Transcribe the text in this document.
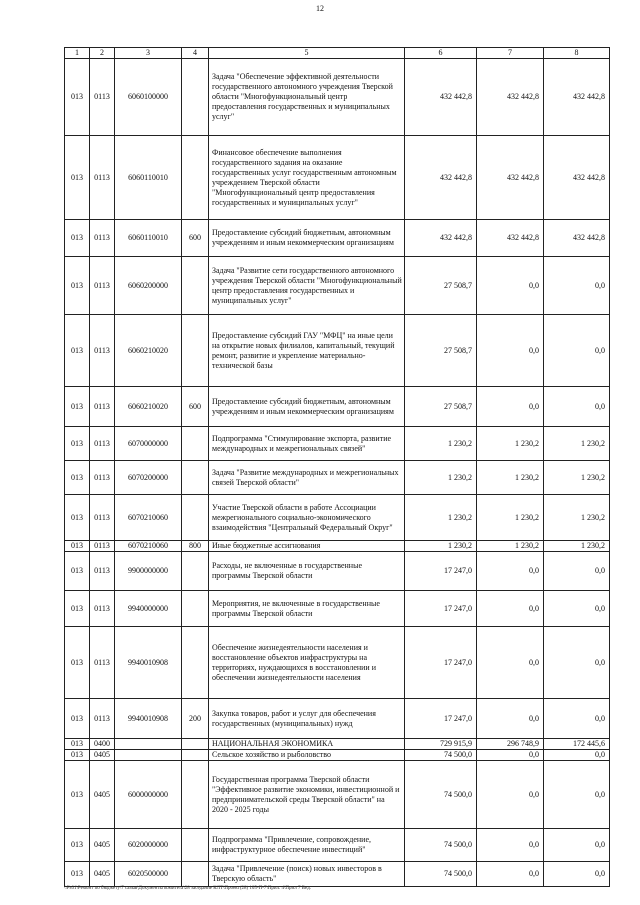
12
1	2	3	4	5	6	7	8
013	0113	6060100000		Задача "Обеспечение эффективной деятельности государственного автономного учреждения Тверской области "Многофункциональный центр предоставления государственных и муниципальных услуг"	432 442,8	432 442,8	432 442,8
013	0113	6060110010		Финансовое обеспечение выполнения государственного задания на оказание государственных услуг государственным автономным учреждением Тверской области "Многофункциональный центр предоставления государственных и муниципальных услуг"	432 442,8	432 442,8	432 442,8
013	0113	6060110010	600	Предоставление субсидий бюджетным, автономным учреждениям и иным некоммерческим организациям	432 442,8	432 442,8	432 442,8
013	0113	6060200000		Задача "Развитие сети государственного автономного учреждения Тверской области "Многофункциональный центр предоставления государственных и муниципальных услуг"	27 508,7	0,0	0,0
013	0113	6060210020		Предоставление субсидий ГАУ "МФЦ" на иные цели на открытие новых филиалов, капитальный, текущий ремонт, развитие и укрепление материально-технической базы	27 508,7	0,0	0,0
013	0113	6060210020	600	Предоставление субсидий бюджетным, автономным учреждениям и иным некоммерческим организациям	27 508,7	0,0	0,0
013	0113	6070000000		Подпрограмма "Стимулирование экспорта, развитие международных и межрегиональных связей"	1 230,2	1 230,2	1 230,2
013	0113	6070200000		Задача "Развитие международных и межрегиональных связей Тверской области"	1 230,2	1 230,2	1 230,2
013	0113	6070210060		Участие Тверской области в работе Ассоциации межрегионального социально-экономического взаимодействия "Центральный Федеральный Округ"	1 230,2	1 230,2	1 230,2
013	0113	6070210060	800	Иные бюджетные ассигнования	1 230,2	1 230,2	1 230,2
013	0113	9900000000		Расходы, не включенные в государственные программы Тверской области	17 247,0	0,0	0,0
013	0113	9940000000		Мероприятия, не включенные в государственные программы Тверской области	17 247,0	0,0	0,0
013	0113	9940010908		Обеспечение жизнедеятельности населения и восстановление объектов инфраструктуры на территориях, нуждающихся в восстановлении и обеспечении жизнедеятельности населения	17 247,0	0,0	0,0
013	0113	9940010908	200	Закупка товаров, работ и услуг для обеспечения государственных (муниципальных) нужд	17 247,0	0,0	0,0
013	0400			НАЦИОНАЛЬНАЯ ЭКОНОМИКА	729 915,9	296 748,9	172 445,6
013	0405			Сельское хозяйство и рыболовство	74 500,0	0,0	0,0
013	0405	6000000000		Государственная программа Тверской области "Эффективное развитие экономики, инвестиционной и предпринимательской среды Тверской области" на 2020 - 2025 годы	74 500,0	0,0	0,0
013	0405	6020000000		Подпрограмма "Привлечение, сопровождение, инфраструктурное обеспечение инвестиций"	74 500,0	0,0	0,0
013	0405	6020500000		Задача "Привлечение (поиск) новых инвесторов в Тверскую область"	74 500,0	0,0	0,0
\\Fs01\Ремонт по бюджету\7 сазыв\Документы комитета\28 заседание КЛТ\Проект(28) 105-П-7\Прил. 4\Прил 7 Вед.
